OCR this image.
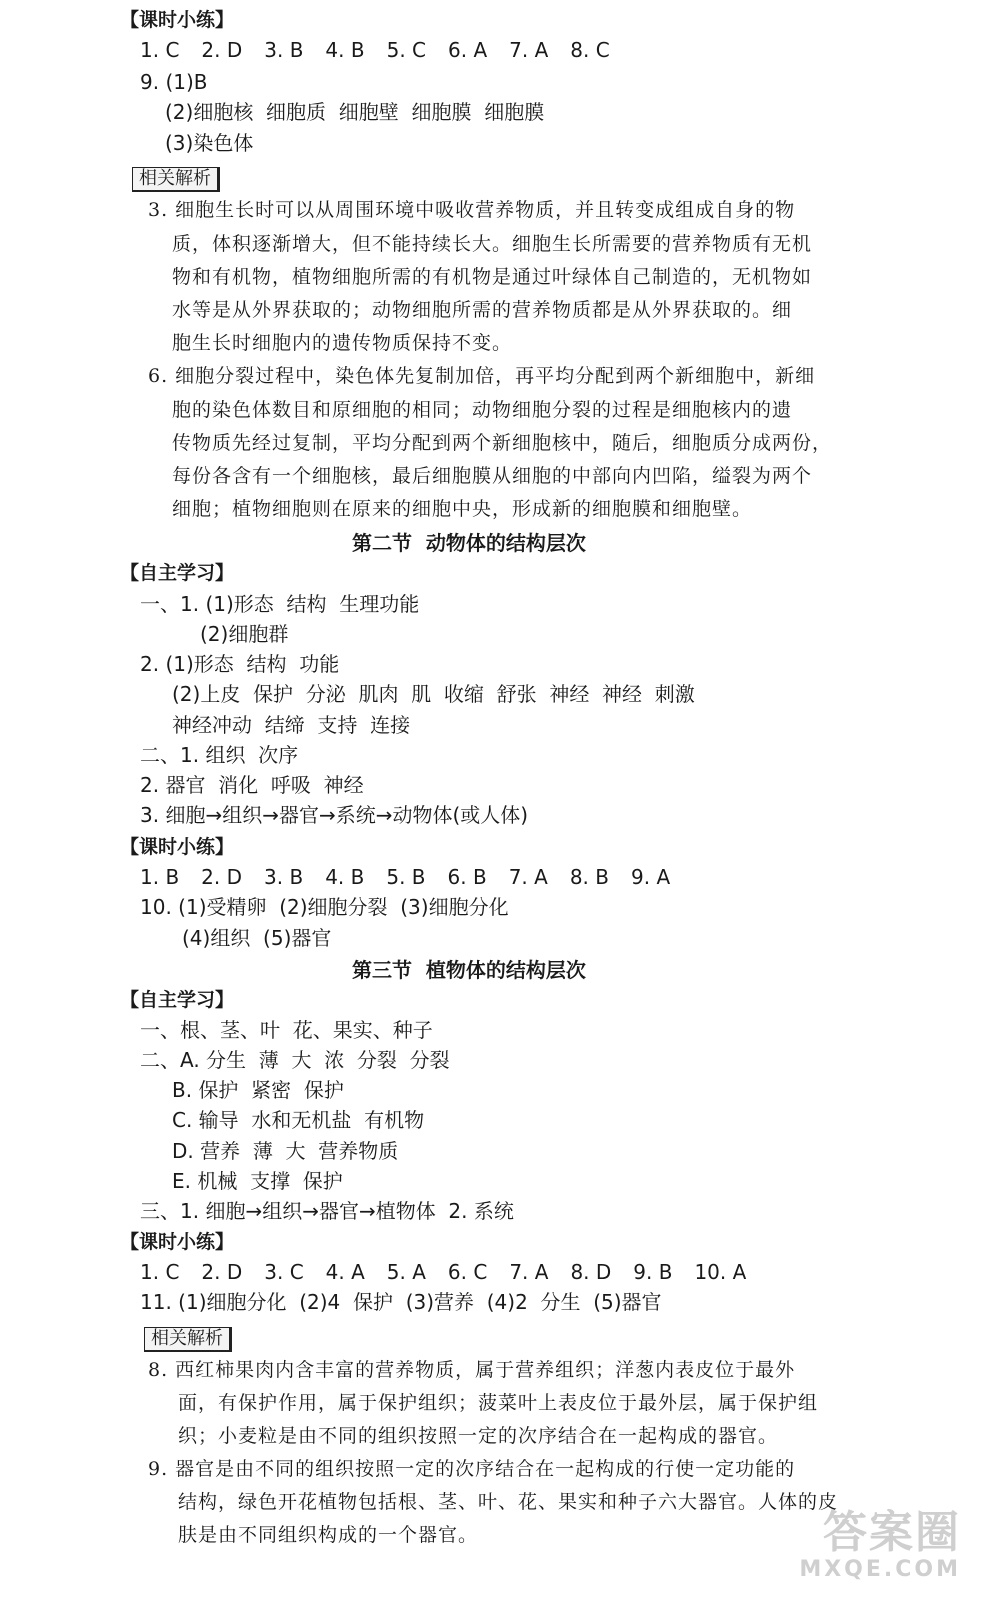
【课时小练】
1. C 2. D 3. B 4. B 5. C 6. A 7. A 8. C
9. (1)B
(2)细胞核  细胞质  细胞壁  细胞膜  细胞膜
(3)染色体
相关解析
3. 细胞生长时可以从周围环境中吸收营养物质，并且转变成组成自身的物
质，体积逐渐增大，但不能持续长大。细胞生长所需要的营养物质有无机
物和有机物，植物细胞所需的有机物是通过叶绿体自己制造的，无机物如
水等是从外界获取的；动物细胞所需的营养物质都是从外界获取的。细
胞生长时细胞内的遗传物质保持不变。
6. 细胞分裂过程中，染色体先复制加倍，再平均分配到两个新细胞中，新细
胞的染色体数目和原细胞的相同；动物细胞分裂的过程是细胞核内的遗
传物质先经过复制，平均分配到两个新细胞核中，随后，细胞质分成两份，
每份各含有一个细胞核，最后细胞膜从细胞的中部向内凹陷，缢裂为两个
细胞；植物细胞则在原来的细胞中央，形成新的细胞膜和细胞壁。
第二节  动物体的结构层次
【自主学习】
一、1. (1)形态  结构  生理功能
(2)细胞群
2. (1)形态  结构  功能
(2)上皮  保护  分泌  肌肉  肌  收缩  舒张  神经  神经  刺激
神经冲动  结缔  支持  连接
二、1. 组织  次序
2. 器官  消化  呼吸  神经
3. 细胞→组织→器官→系统→动物体(或人体)
【课时小练】
1. B 2. D 3. B 4. B 5. B 6. B 7. A 8. B 9. A
10. (1)受精卵  (2)细胞分裂  (3)细胞分化
(4)组织  (5)器官
第三节  植物体的结构层次
【自主学习】
一、根、茎、叶  花、果实、种子
二、A. 分生  薄  大  浓  分裂  分裂
B. 保护  紧密  保护
C. 输导  水和无机盐  有机物
D. 营养  薄  大  营养物质
E. 机械  支撑  保护
三、1. 细胞→组织→器官→植物体  2. 系统
【课时小练】
1. C 2. D 3. C 4. A 5. A 6. C 7. A 8. D 9. B 10. A
11. (1)细胞分化  (2)4  保护  (3)营养  (4)2  分生  (5)器官
相关解析
8. 西红柿果肉内含丰富的营养物质，属于营养组织；洋葱内表皮位于最外
面，有保护作用，属于保护组织；菠菜叶上表皮位于最外层，属于保护组
织；小麦粒是由不同的组织按照一定的次序结合在一起构成的器官。
9. 器官是由不同的组织按照一定的次序结合在一起构成的行使一定功能的
结构，绿色开花植物包括根、茎、叶、花、果实和种子六大器官。人体的皮
肤是由不同组织构成的一个器官。	答案圈
MXQE.COM
